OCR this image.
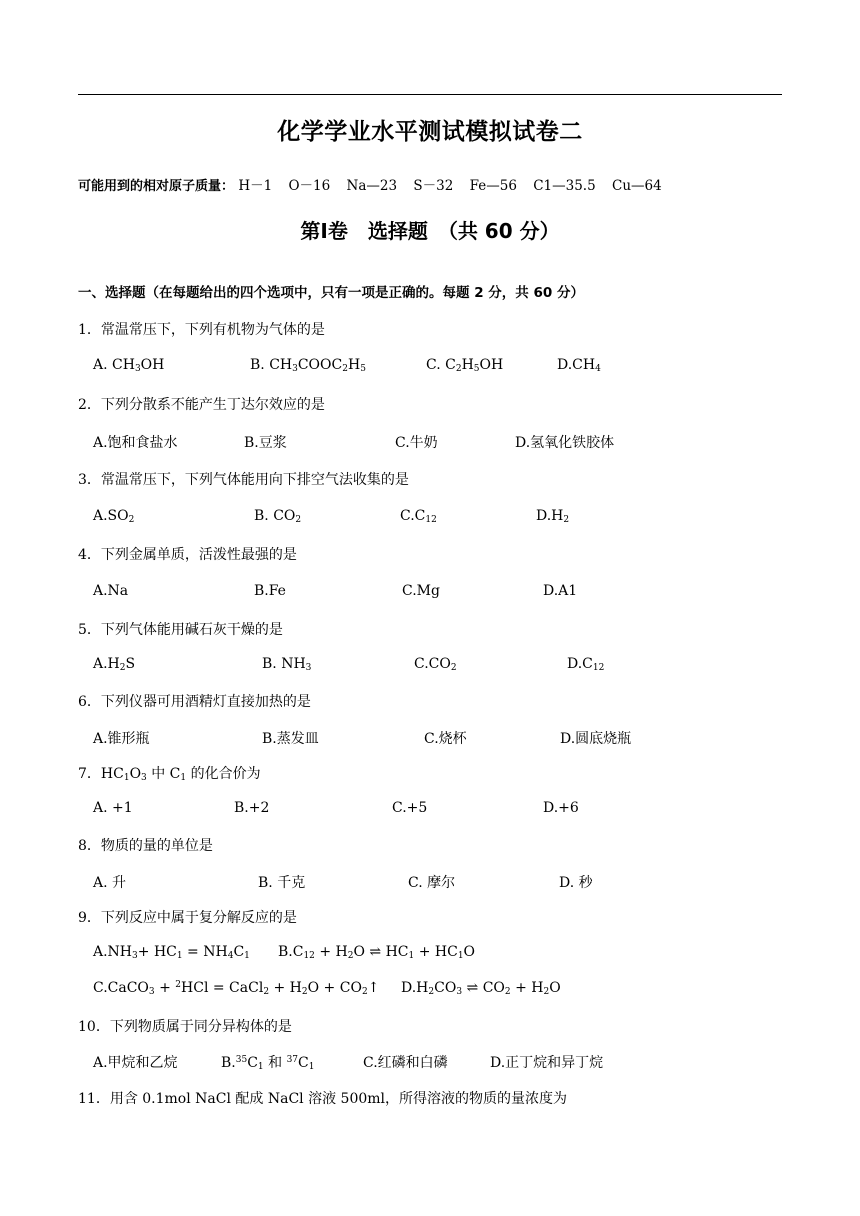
化学学业水平测试模拟试卷二
可能用到的相对原子质量： H－1 O－16 Na—23 S－32 Fe—56 C1—35.5 Cu—64
第Ⅰ卷　选择题　（共 60 分）
一、选择题（在每题给出的四个选项中，只有一项是正确的。每题 2 分，共 60 分）
1．常温常压下，下列有机物为气体的是
A. $CH_3OH$	B. $CH_3COOC_2H_5$	C. $C_2H_5OH$	$D.CH_4$
2．下列分散系不能产生丁达尔效应的是
A.饱和食盐水	B.豆浆	C.牛奶	D.氢氧化铁胶体
3．常温常压下，下列气体能用向下排空气法收集的是
$A.SO_2$	B. $CO_2$	$C.C_{12}$	$D.H_2$
4．下列金属单质，活泼性最强的是
A.Na	B.Fe	C.Mg	D.A1
5．下列气体能用碱石灰干燥的是
$A.H_2S$	B. $NH_3$	$C.CO_2$	$D.C_{12}$
6．下列仪器可用酒精灯直接加热的是
A.锥形瓶	B.蒸发皿	C.烧杯	D.圆底烧瓶
7．$HC_1O_3$ 中 $C_1$ 的化合价为
A. +1	B.+2	C.+5	D.+6
8．物质的量的单位是
A. 升	B. 千克	C. 摩尔	D. 秒
9．下列反应中属于复分解反应的是
$A.NH_3+ HC_1 = NH_4C_1$ $B.C_{12} + H_2O$ ⇌ $HC_1 + HC_1O$
C.CaCO$_3$ + $^2$HCl = CaCl$_2$ + $H_2O$ + $CO_2↑$ $D.H_2CO_3$ ⇌ $CO_2 + H_2O$
10．下列物质属于同分异构体的是
A.甲烷和乙烷	$B.^{35}C_1$ 和 $^{37}C_1$	C.红磷和白磷	D.正丁烷和异丁烷
11．用含 0.1mol NaCl 配成 NaCl 溶液 500ml，所得溶液的物质的量浓度为
